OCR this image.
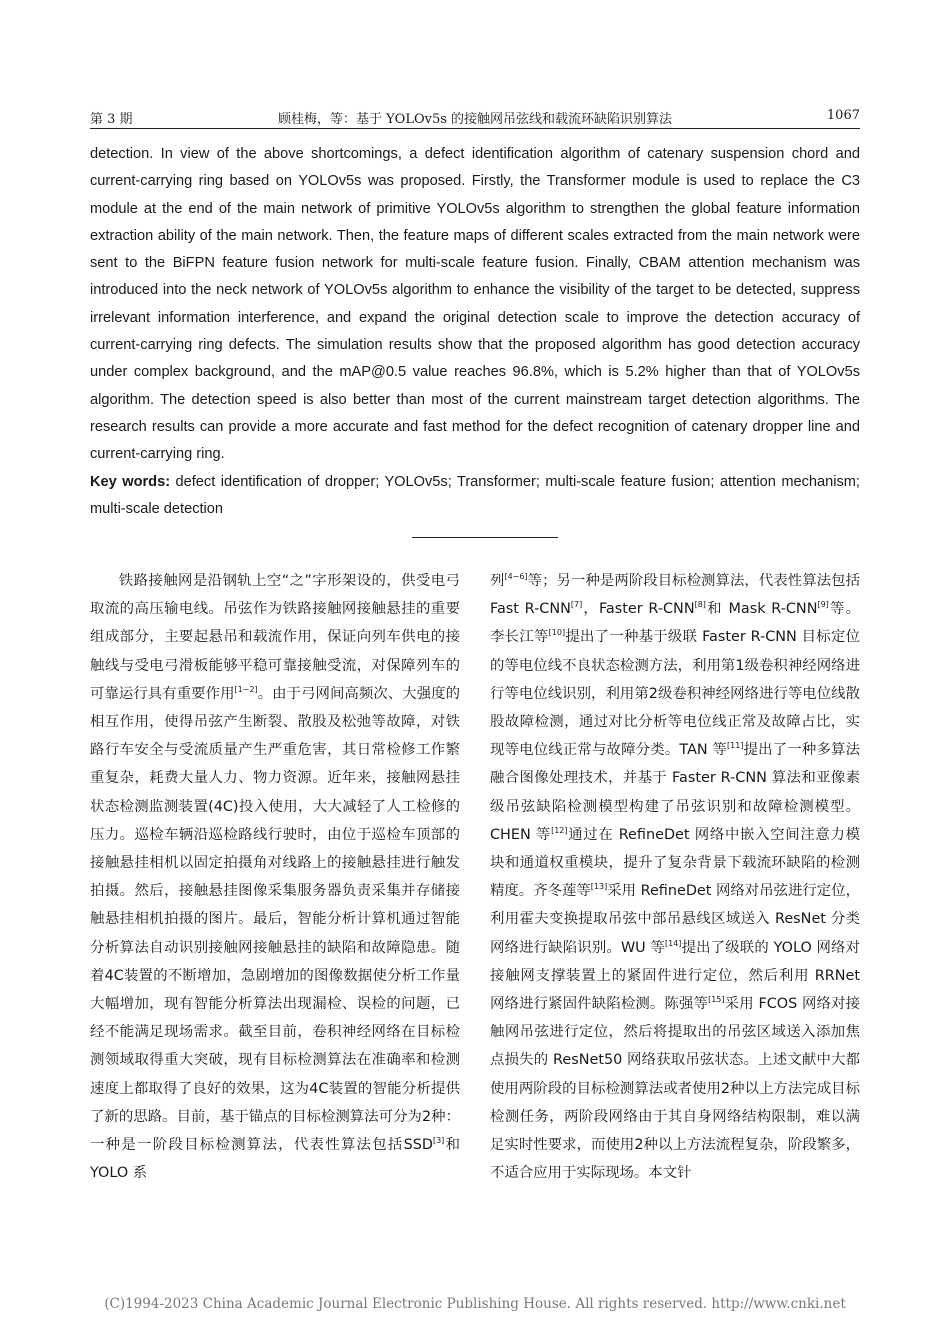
第 3 期	顾桂梅，等：基于 YOLOv5s 的接触网吊弦线和载流环缺陷识别算法	1067

detection. In view of the above shortcomings, a defect identification algorithm of catenary suspension chord and current-carrying ring based on YOLOv5s was proposed. Firstly, the Transformer module is used to replace the C3 module at the end of the main network of primitive YOLOv5s algorithm to strengthen the global feature information extraction ability of the main network. Then, the feature maps of different scales extracted from the main network were sent to the BiFPN feature fusion network for multi-scale feature fusion. Finally, CBAM attention mechanism was introduced into the neck network of YOLOv5s algorithm to enhance the visibility of the target to be detected, suppress irrelevant information interference, and expand the original detection scale to improve the detection accuracy of current-carrying ring defects. The simulation results show that the proposed algorithm has good detection accuracy under complex background, and the mAP@0.5 value reaches 96.8%, which is 5.2% higher than that of YOLOv5s algorithm. The detection speed is also better than most of the current mainstream target detection algorithms. The research results can provide a more accurate and fast method for the defect recognition of catenary dropper line and current-carrying ring.

Key words: defect identification of dropper; YOLOv5s; Transformer; multi-scale feature fusion; attention mechanism; multi-scale detection

铁路接触网是沿钢轨上空“之”字形架设的，供受电弓取流的高压输电线。吊弦作为铁路接触网接触悬挂的重要组成部分，主要起悬吊和载流作用，保证向列车供电的接触线与受电弓滑板能够平稳可靠接触受流，对保障列车的可靠运行具有重要作用[1−2]。由于弓网间高频次、大强度的相互作用，使得吊弦产生断裂、散股及松弛等故障，对铁路行车安全与受流质量产生严重危害，其日常检修工作繁重复杂，耗费大量人力、物力资源。近年来，接触网悬挂状态检测监测装置(4C)投入使用，大大减轻了人工检修的压力。巡检车辆沿巡检路线行驶时，由位于巡检车顶部的接触悬挂相机以固定拍摄角对线路上的接触悬挂进行触发拍摄。然后，接触悬挂图像采集服务器负责采集并存储接触悬挂相机拍摄的图片。最后，智能分析计算机通过智能分析算法自动识别接触网接触悬挂的缺陷和故障隐患。随着4C装置的不断增加，急剧增加的图像数据使分析工作量大幅增加，现有智能分析算法出现漏检、误检的问题，已经不能满足现场需求。截至目前，卷积神经网络在目标检测领域取得重大突破，现有目标检测算法在准确率和检测速度上都取得了良好的效果，这为4C装置的智能分析提供了新的思路。目前，基于锚点的目标检测算法可分为2种：一种是一阶段目标检测算法，代表性算法包括SSD[3]和 YOLO 系

列[4−6]等；另一种是两阶段目标检测算法，代表性算法包括 Fast R-CNN[7]，Faster R-CNN[8]和 Mask R-CNN[9]等。李长江等[10]提出了一种基于级联 Faster R-CNN 目标定位的等电位线不良状态检测方法，利用第1级卷积神经网络进行等电位线识别，利用第2级卷积神经网络进行等电位线散股故障检测，通过对比分析等电位线正常及故障占比，实现等电位线正常与故障分类。TAN 等[11]提出了一种多算法融合图像处理技术，并基于 Faster R-CNN 算法和亚像素级吊弦缺陷检测模型构建了吊弦识别和故障检测模型。CHEN 等[12]通过在 RefineDet 网络中嵌入空间注意力模块和通道权重模块，提升了复杂背景下载流环缺陷的检测精度。齐冬莲等[13]采用 RefineDet 网络对吊弦进行定位，利用霍夫变换提取吊弦中部吊悬线区域送入 ResNet 分类网络进行缺陷识别。WU 等[14]提出了级联的 YOLO 网络对接触网支撑装置上的紧固件进行定位，然后利用 RRNet 网络进行紧固件缺陷检测。陈强等[15]采用 FCOS 网络对接触网吊弦进行定位，然后将提取出的吊弦区域送入添加焦点损失的 ResNet50 网络获取吊弦状态。上述文献中大都使用两阶段的目标检测算法或者使用2种以上方法完成目标检测任务，两阶段网络由于其自身网络结构限制，难以满足实时性要求，而使用2种以上方法流程复杂，阶段繁多，不适合应用于实际现场。本文针

(C)1994-2023 China Academic Journal Electronic Publishing House. All rights reserved. http://www.cnki.net
